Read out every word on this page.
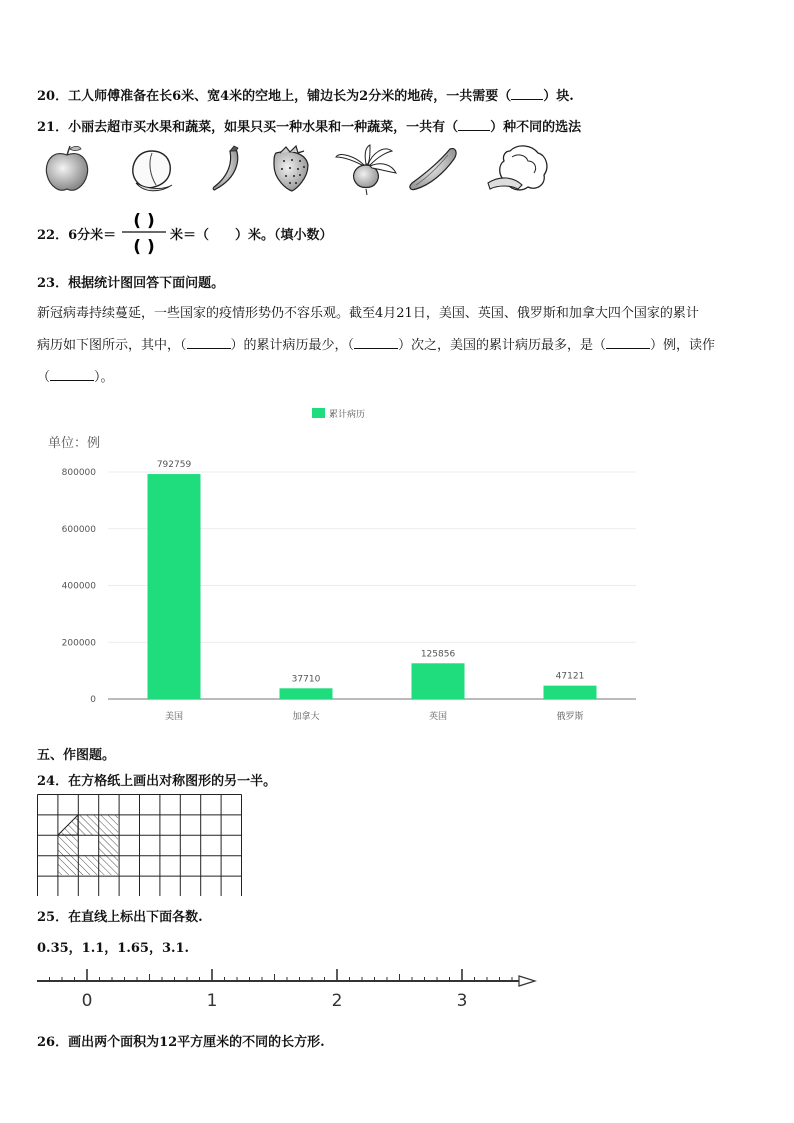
20．工人师傅准备在长6米、宽4米的空地上，铺边长为2分米的地砖，一共需要（ ）块.
21．小丽去超市买水果和蔬菜，如果只买一种水果和一种蔬菜，一共有（ ）种不同的选法
22．6分米＝
( )
( )
米＝（　　）米。（填小数）
23．根据统计图回答下面问题。
新冠病毒持续蔓延，一些国家的疫情形势仍不容乐观。截至4月21日，美国、英国、俄罗斯和加拿大四个国家的累计
病历如下图所示，其中，（	）的累计病历最少，（	）次之，美国的累计病历最多，是（	）例，读作
（	）。
累计病历
单位：例
0
200000
400000
600000
800000
792759
37710
125856
47121
美国	加拿大	英国	俄罗斯
五、作图题。
24．在方格纸上画出对称图形的另一半。
25．在直线上标出下面各数.
0.35，1.1，1.65，3.1.
0	1	2	3
26．画出两个面积为12平方厘米的不同的长方形.
